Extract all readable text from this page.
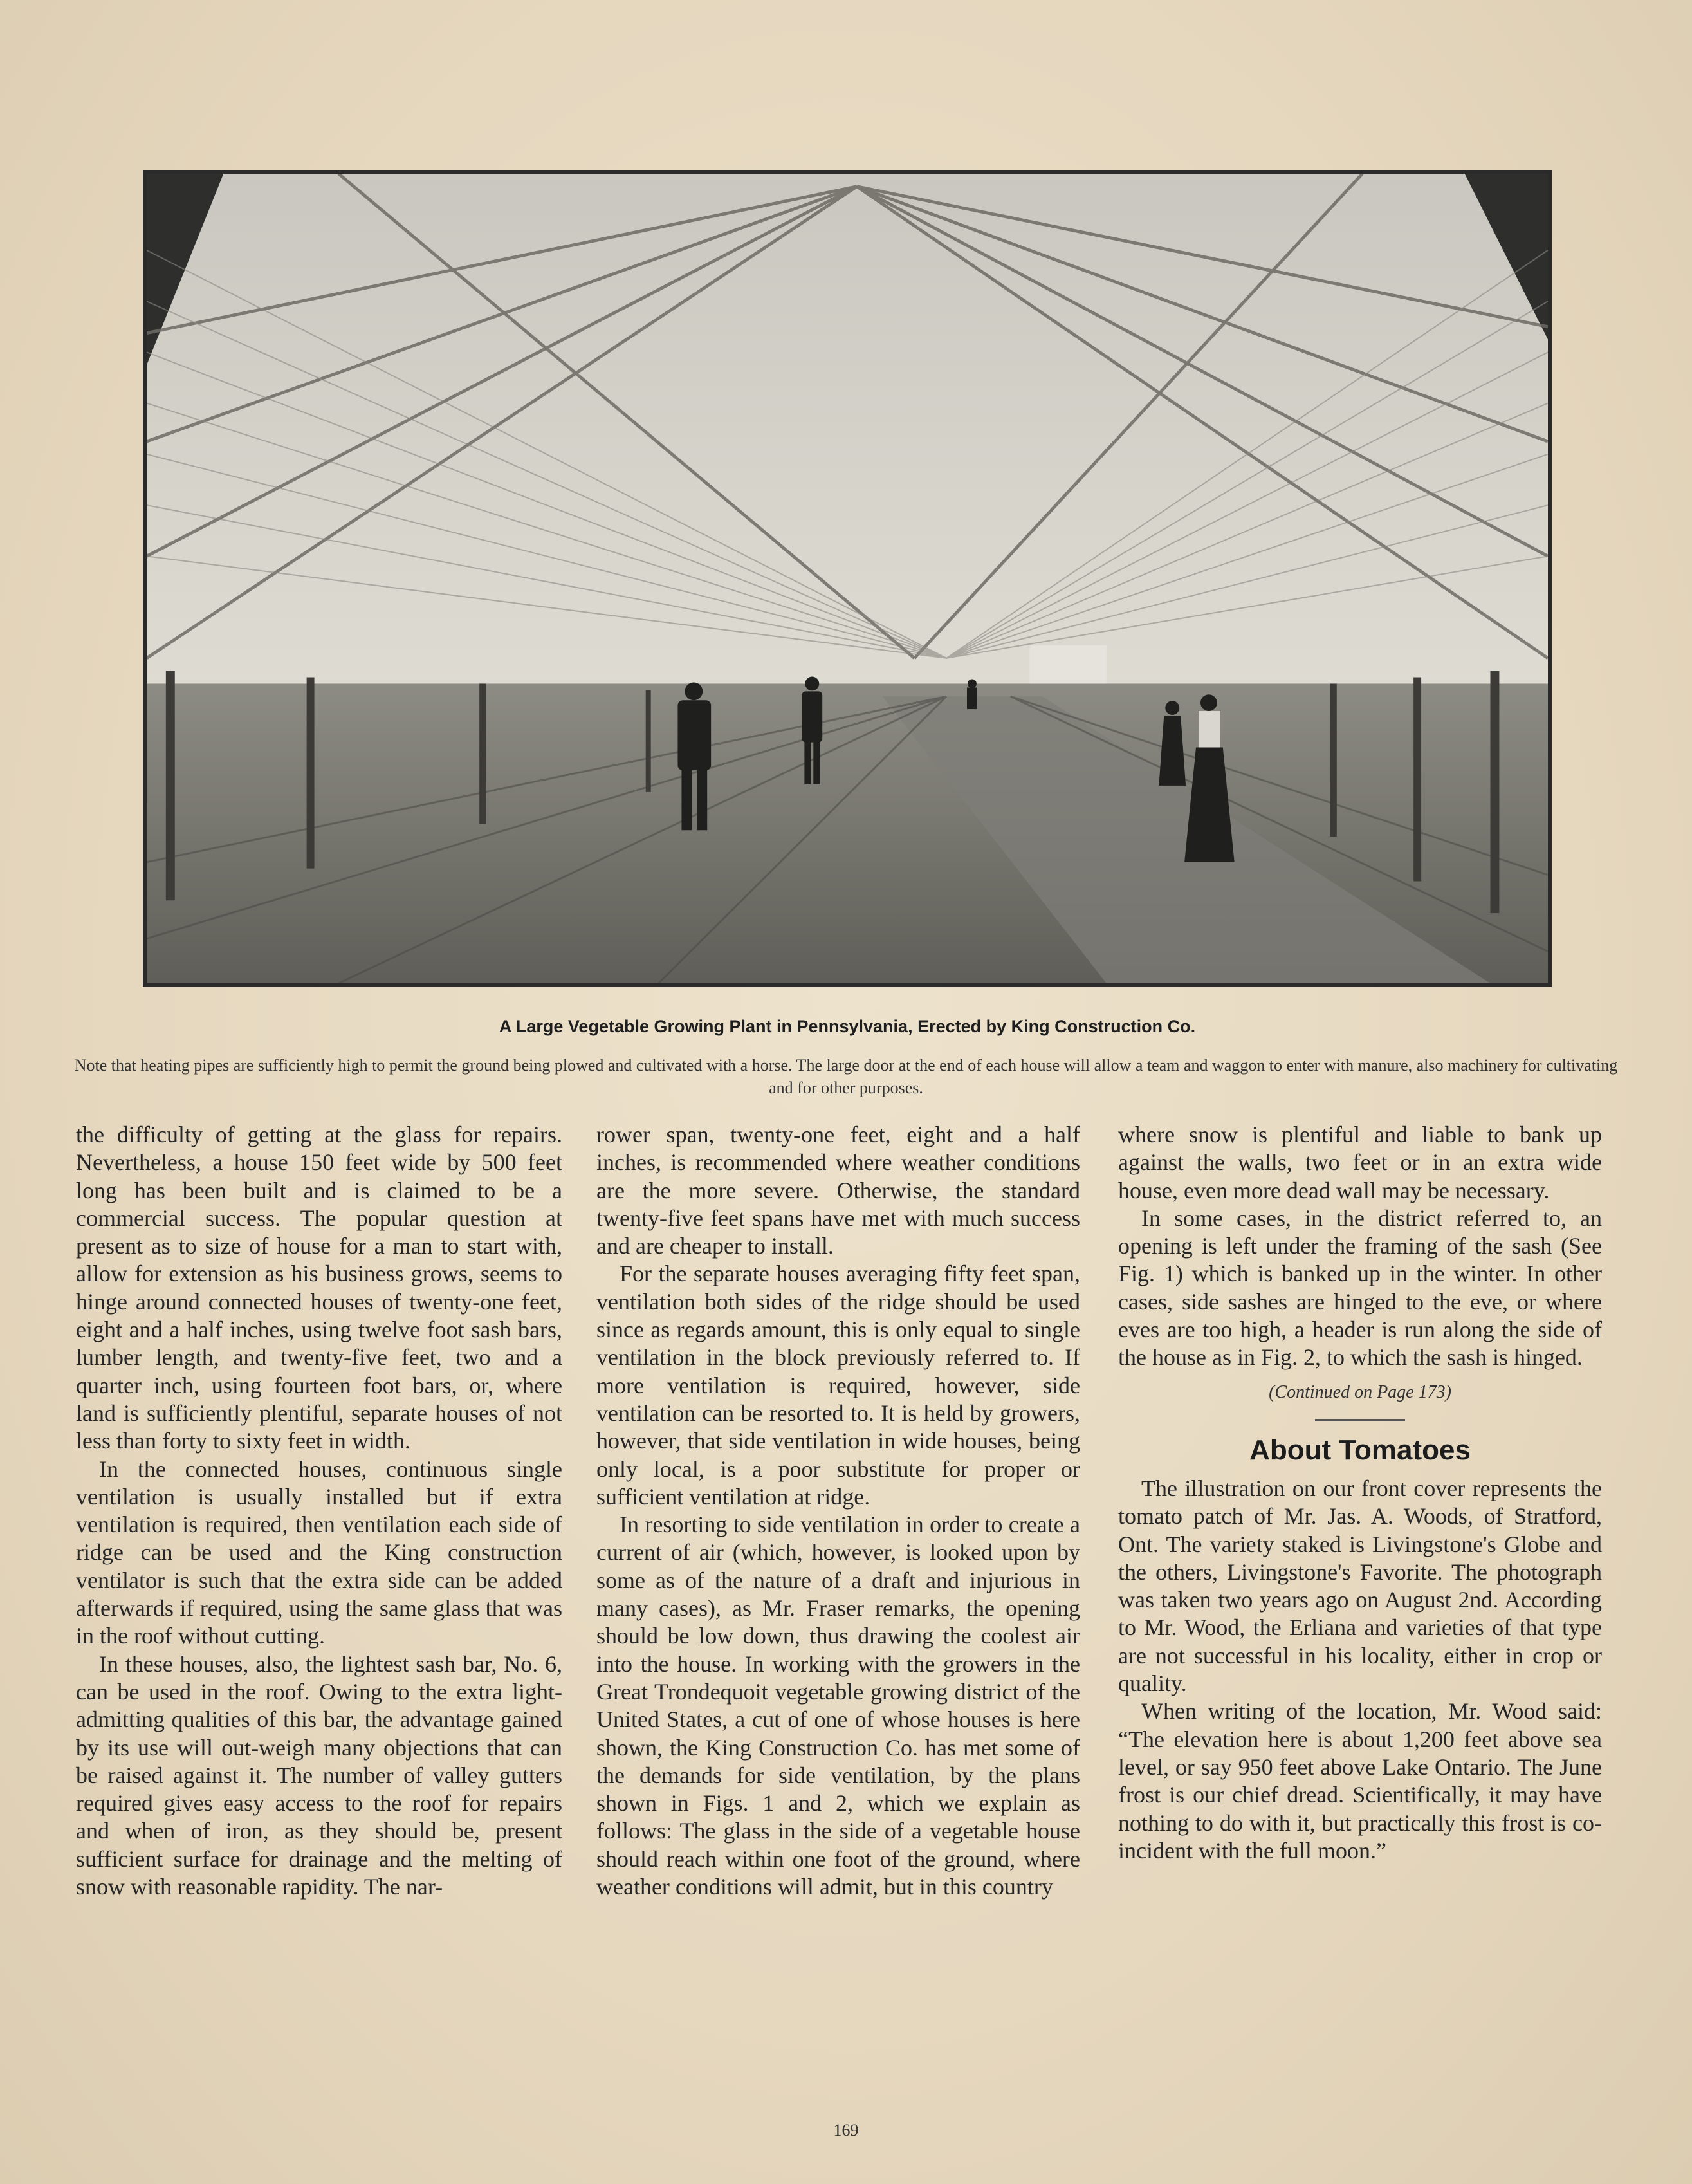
A Large Vegetable Growing Plant in Pennsylvania, Erected by King Construction Co.
Note that heating pipes are sufficiently high to permit the ground being plowed and cultivated with a horse. The large door at the end of each house will allow a team and waggon to enter with manure, also machinery for cultivating and for other purposes.

the difficulty of getting at the glass for repairs. Nevertheless, a house 150 feet wide by 500 feet long has been built and is claimed to be a commercial success. The popular question at present as to size of house for a man to start with, allow for extension as his business grows, seems to hinge around connected houses of twenty-one feet, eight and a half inches, using twelve foot sash bars, lumber length, and twenty-five feet, two and a quarter inch, using fourteen foot bars, or, where land is sufficiently plentiful, separate houses of not less than forty to sixty feet in width.

In the connected houses, continuous single ventilation is usually installed but if extra ventilation is required, then ventilation each side of ridge can be used and the King construction ventilator is such that the extra side can be added afterwards if required, using the same glass that was in the roof without cutting.

In these houses, also, the lightest sash bar, No. 6, can be used in the roof. Owing to the extra light-admitting qualities of this bar, the advantage gained by its use will out-weigh many objections that can be raised against it. The number of valley gutters required gives easy access to the roof for repairs and when of iron, as they should be, present sufficient surface for drainage and the melting of snow with reasonable rapidity. The nar-

rower span, twenty-one feet, eight and a half inches, is recommended where weather conditions are the more severe. Otherwise, the standard twenty-five feet spans have met with much success and are cheaper to install.

For the separate houses averaging fifty feet span, ventilation both sides of the ridge should be used since as regards amount, this is only equal to single ventilation in the block previously referred to. If more ventilation is required, however, side ventilation can be resorted to. It is held by growers, however, that side ventilation in wide houses, being only local, is a poor substitute for proper or sufficient ventilation at ridge.

In resorting to side ventilation in order to create a current of air (which, however, is looked upon by some as of the nature of a draft and injurious in many cases), as Mr. Fraser remarks, the opening should be low down, thus drawing the coolest air into the house. In working with the growers in the Great Trondequoit vegetable growing district of the United States, a cut of one of whose houses is here shown, the King Construction Co. has met some of the demands for side ventilation, by the plans shown in Figs. 1 and 2, which we explain as follows: The glass in the side of a vegetable house should reach within one foot of the ground, where weather conditions will admit, but in this country

where snow is plentiful and liable to bank up against the walls, two feet or in an extra wide house, even more dead wall may be necessary.

In some cases, in the district referred to, an opening is left under the framing of the sash (See Fig. 1) which is banked up in the winter. In other cases, side sashes are hinged to the eve, or where eves are too high, a header is run along the side of the house as in Fig. 2, to which the sash is hinged.

(Continued on Page 173)
About Tomatoes

The illustration on our front cover represents the tomato patch of Mr. Jas. A. Woods, of Stratford, Ont. The variety staked is Livingstone's Globe and the others, Livingstone's Favorite. The photograph was taken two years ago on August 2nd. According to Mr. Wood, the Erliana and varieties of that type are not successful in his locality, either in crop or quality.

When writing of the location, Mr. Wood said: “The elevation here is about 1,200 feet above sea level, or say 950 feet above Lake Ontario. The June frost is our chief dread. Scientifically, it may have nothing to do with it, but practically this frost is co-incident with the full moon.”

169
